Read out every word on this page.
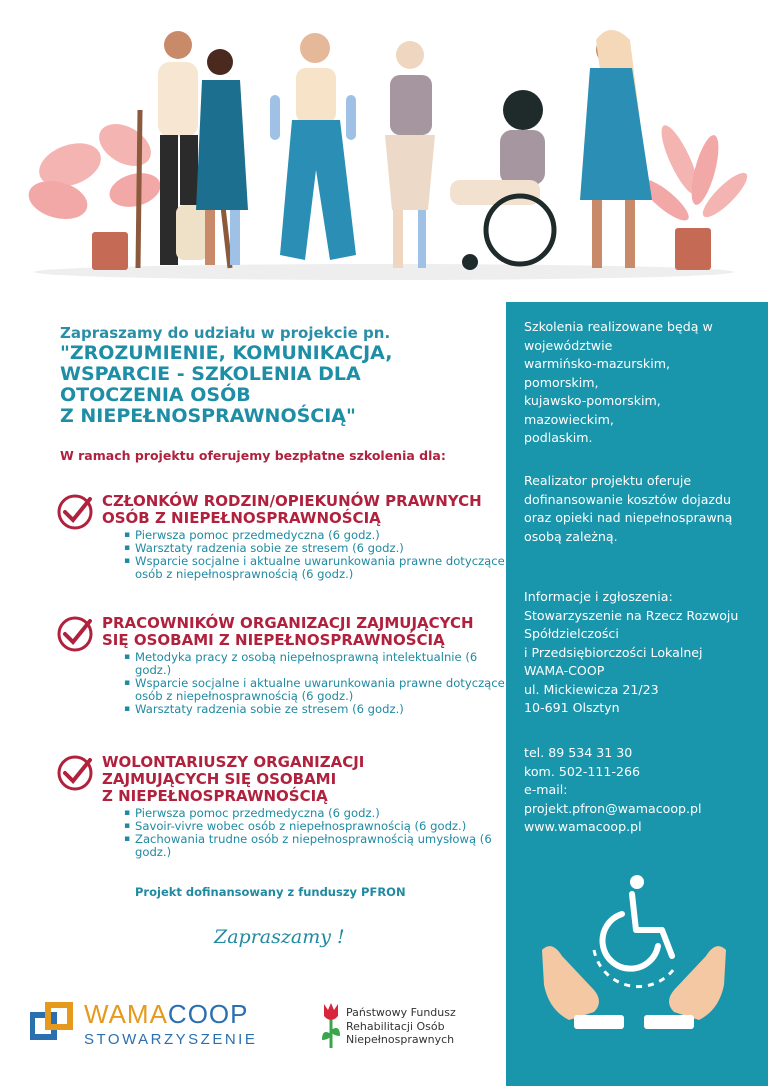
Zapraszamy do udziału w projekcie pn.
"ZROZUMIENIE, KOMUNIKACJA,
WSPARCIE - SZKOLENIA DLA
OTOCZENIA OSÓB
Z NIEPEŁNOSPRAWNOŚCIĄ"
W ramach projektu oferujemy bezpłatne szkolenia dla:
CZŁONKÓW RODZIN/OPIEKUNÓW PRAWNYCH
OSÓB Z NIEPEŁNOSPRAWNOŚCIĄ
▪ Pierwsza pomoc przedmedyczna (6 godz.)
▪ Warsztaty radzenia sobie ze stresem (6 godz.)
▪ Wsparcie socjalne i aktualne uwarunkowania prawne dotyczące osób z niepełnosprawnością (6 godz.)
PRACOWNIKÓW ORGANIZACJI ZAJMUJĄCYCH
SIĘ OSOBAMI Z NIEPEŁNOSPRAWNOŚCIĄ
▪ Metodyka pracy z osobą niepełnosprawną intelektualnie (6 godz.)
▪ Wsparcie socjalne i aktualne uwarunkowania prawne dotyczące osób z niepełnosprawnością (6 godz.)
▪ Warsztaty radzenia sobie ze stresem (6 godz.)
WOLONTARIUSZY ORGANIZACJI
ZAJMUJĄCYCH SIĘ OSOBAMI
Z NIEPEŁNOSPRAWNOŚCIĄ
▪ Pierwsza pomoc przedmedyczna (6 godz.)
▪ Savoir-vivre wobec osób z niepełnosprawnością (6 godz.)
▪ Zachowania trudne osób z niepełnosprawnością umysłową (6 godz.)
Projekt dofinansowany z funduszy PFRON
Zapraszamy !
Szkolenia realizowane będą w
województwie
warmińsko-mazurskim,
pomorskim,
kujawsko-pomorskim,
mazowieckim,
podlaskim.
Realizator projektu oferuje
dofinansowanie kosztów dojazdu
oraz opieki nad niepełnosprawną
osobą zależną.
Informacje i zgłoszenia:
Stowarzyszenie na Rzecz Rozwoju
Spółdzielczości
i Przedsiębiorczości Lokalnej
WAMA-COOP
ul. Mickiewicza 21/23
10-691 Olsztyn
tel. 89 534 31 30
kom. 502-111-266
e-mail:
projekt.pfron@wamacoop.pl
www.wamacoop.pl
WAMACOOP
STOWARZYSZENIE
Państwowy Fundusz
Rehabilitacji Osób
Niepełnosprawnych
